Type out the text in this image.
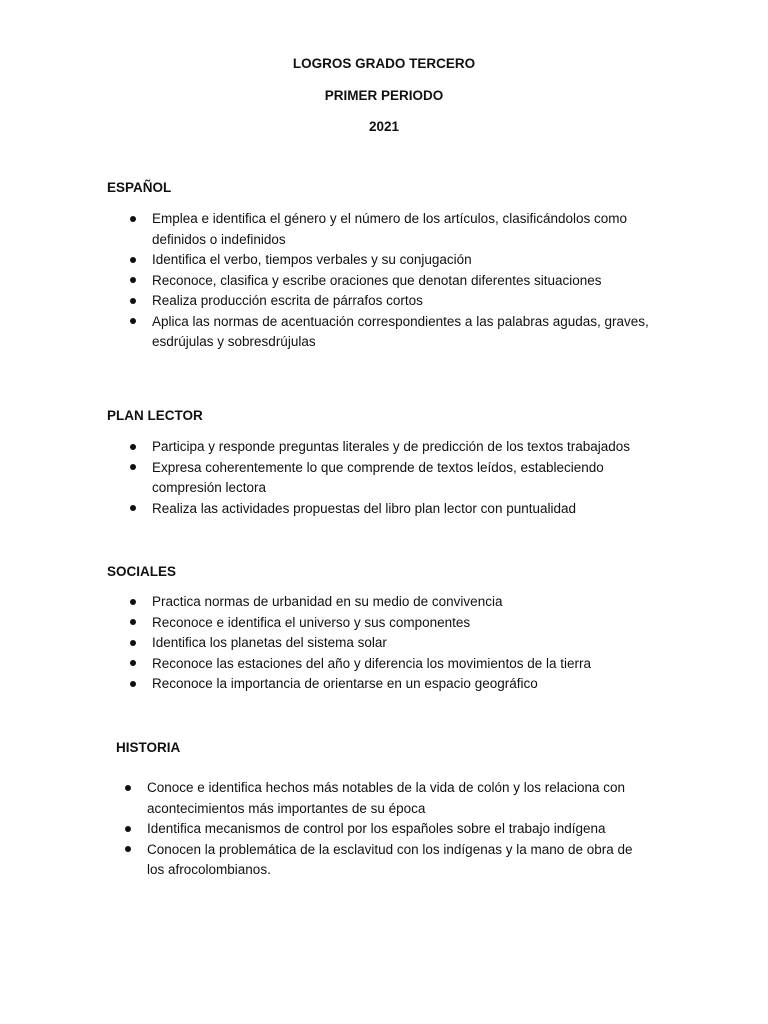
LOGROS GRADO TERCERO
PRIMER PERIODO
2021
ESPAÑOL
Emplea e identifica el género y el número de los artículos, clasificándolos como definidos o indefinidos
Identifica el verbo, tiempos verbales y su conjugación
Reconoce, clasifica y escribe oraciones que denotan diferentes situaciones
Realiza producción escrita de párrafos cortos
Aplica las normas de acentuación correspondientes a las palabras agudas, graves, esdrújulas y sobresdrújulas
PLAN LECTOR
Participa y responde preguntas literales y de predicción de los textos trabajados
Expresa coherentemente lo que comprende de textos leídos, estableciendo compresión lectora
Realiza las actividades propuestas del libro plan lector con puntualidad
SOCIALES
Practica normas de urbanidad en su medio de convivencia
Reconoce e identifica el universo y sus componentes
Identifica los planetas del sistema solar
Reconoce las estaciones del año y diferencia los movimientos de la tierra
Reconoce la importancia de orientarse en un espacio geográfico
HISTORIA
Conoce e identifica hechos más notables de la vida de colón y los relaciona con acontecimientos más importantes de su época
Identifica mecanismos de control por los españoles sobre el trabajo indígena
Conocen la problemática de la esclavitud con los indígenas y la mano de obra de los afrocolombianos.
